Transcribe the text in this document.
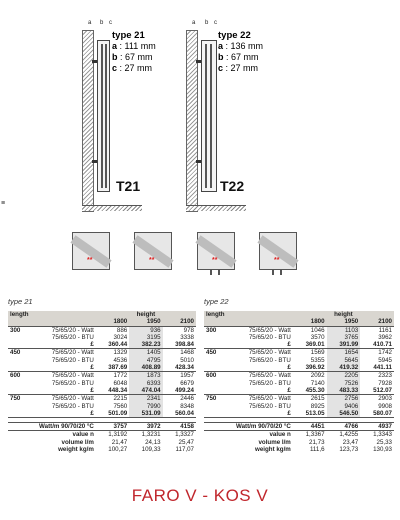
type 21
a : 111 mm
b : 67 mm
c : 27 mm
a b c
T21
type 22
a : 136 mm
b : 67 mm
c : 27 mm
a b c
T22
≡
**	**	**	**
type 21	type 22
length		height		
		1800	1950	2100
300	75/65/20 - Watt	886	936	978
	75/65/20 - BTU	3024	3195	3338
	£	360.44	382.23	398.84
450	75/65/20 - Watt	1329	1405	1468
	75/65/20 - BTU	4536	4795	5010
	£	387.69	408.89	428.34
600	75/65/20 - Watt	1772	1873	1957
	75/65/20 - BTU	6048	6393	6679
	£	448.34	474.04	499.24
750	75/65/20 - Watt	2215	2341	2446
	75/65/20 - BTU	7560	7990	8348
	£	501.09	531.09	560.04

Watt/m 90/70/20 °C		3757	3972	4158
value n		1,3192	1,3231	1,3327
volume l/m		21,47	24,13	25,47
weight kg/m		100,27	109,33	117,07
length		height		
		1800	1950	2100
300	75/65/20 - Watt	1046	1103	1161
	75/65/20 - BTU	3570	3765	3962
	£	369.01	391.99	410.71
450	75/65/20 - Watt	1569	1654	1742
	75/65/20 - BTU	5355	5645	5945
	£	396.92	419.32	441.11
600	75/65/20 - Watt	2092	2205	2323
	75/65/20 - BTU	7140	7526	7928
	£	455.30	483.33	512.07
750	75/65/20 - Watt	2615	2756	2903
	75/65/20 - BTU	8925	9406	9908
	£	513.05	546.50	580.07

Watt/m 90/70/20 °C		4451	4766	4937
value n		1,3367	1,4255	1,3343
volume l/m		21,73	23,47	25,33
weight kg/m		111,6	123,73	130,93
FARO V - KOS V
